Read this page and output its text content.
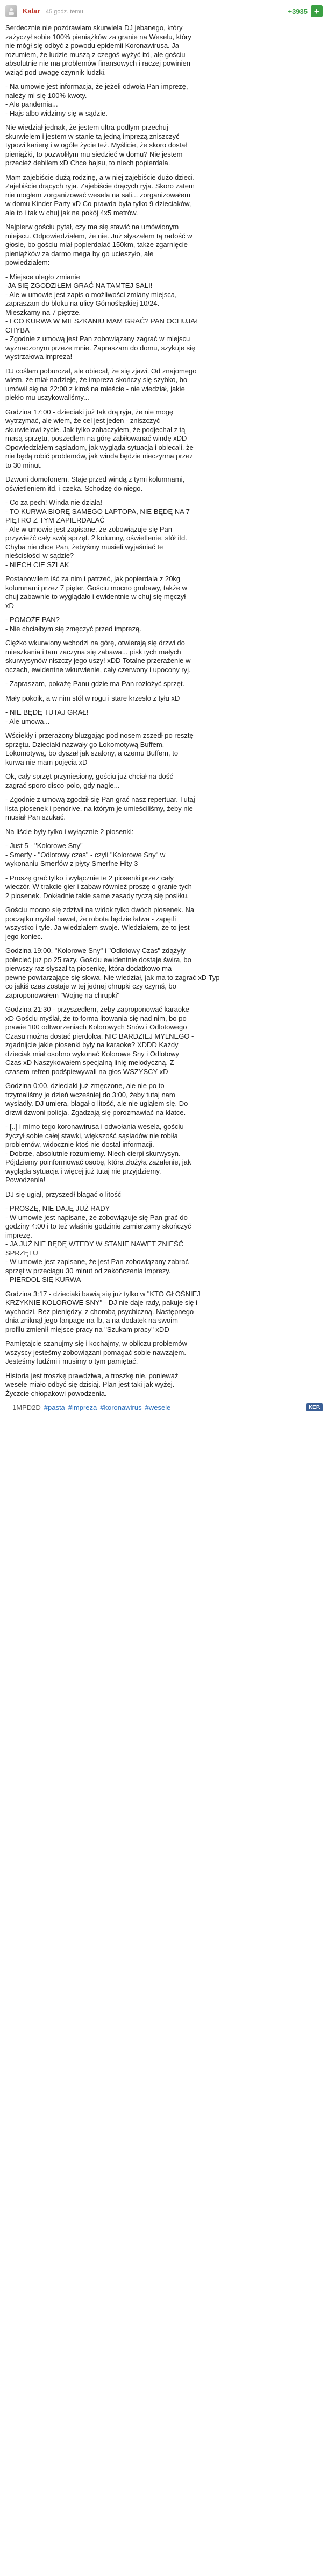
Kalar 45 godz. temu	+3935 +

Serdecznie nie pozdrawiam skurwiela DJ jebanego, który
zażyczył sobie 100% pieniążków za granie na Weselu, który
nie mógł się odbyć z powodu epidemii Koronawirusa. Ja
rozumiem, że ludzie muszą z czegoś wyżyć itd, ale gościu
absolutnie nie ma problemów finansowych i raczej powinien
wziąć pod uwagę czynnik ludzki.

- Na umowie jest informacja, że jeżeli odwoła Pan imprezę,
należy mi się 100% kwoty.
- Ale pandemia...
- Hajs albo widzimy się w sądzie.

Nie wiedział jednak, że jestem ultra-podłym-przechuj-
skurwielem i jestem w stanie tą jedną imprezą zniszczyć
typowi karierę i w ogóle życie też. Myślicie, że skoro dostał
pieniążki, to pozwoliłym mu siedzieć w domu? Nie jestem
przecież debilem xD Chce hajsu, to niech popierdala.

Mam zajebiście dużą rodzinę, a w niej zajebiście dużo dzieci.
Zajebiście drących ryja. Zajebiście drących ryja. Skoro zatem
nie mogłem zorganizować wesela na sali... zorganizowałem
w domu Kinder Party xD Co prawda była tylko 9 dzieciaków,
ale to i tak w chuj jak na pokój 4x5 metrów.

Najpierw gościu pytał, czy ma się stawić na umówionym
miejscu. Odpowiedziałem, że nie. Już słyszałem tą radość w
głosie, bo gościu miał popierdalać 150km, także zgarnięcie
pieniążków za darmo mega by go ucieszyło, ale
powiedziałem:

- Miejsce uległo zmianie
-JA SIĘ ZGODZIŁEM GRAĆ NA TAMTEJ SALI!
- Ale w umowie jest zapis o możliwości zmiany miejsca,
zapraszam do bloku na ulicy Górnośląskiej 10/24.
Mieszkamy na 7 piętrze.
- I CO KURWA W MIESZKANIU MAM GRAĆ? PAN OCHUJAŁ
CHYBA
- Zgodnie z umową jest Pan zobowiązany zagrać w miejscu
wyznaczonym przeze mnie. Zapraszam do domu, szykuje się
wystrzałowa impreza!

DJ coślam poburczał, ale obiecał, że się zjawi. Od znajomego
wiem, że miał nadzieje, że impreza skończy się szybko, bo
umówił się na 22:00 z kimś na mieście - nie wiedział, jakie
piekło mu uszykowaliśmy...

Godzina 17:00 - dzieciaki już tak drą ryja, że nie mogę
wytrzymać, ale wiem, że cel jest jeden - zniszczyć
skurwielowi życie. Jak tylko zobaczyłem, że podjechał z tą
masą sprzętu, poszedłem na górę zabiłowanać windę xDD
Opowiedziałem sąsiadom, jak wygląda sytuacja i obiecali, że
nie będą robić problemów, jak winda będzie nieczynna przez
to 30 minut.

Dzwoni domofonem. Staje przed windą z tymi kolumnami,
oświetleniem itd. i czeka. Schodzę do niego.

- Co za pech! Winda nie działa!
- TO KURWA BIORĘ SAMEGO LAPTOPA, NIE BĘDĘ NA 7
PIĘTRO Z TYM ZAPIERDALAĆ
- Ale w umowie jest zapisane, że zobowiązuje się Pan
przywieźć cały swój sprzęt. 2 kolumny, oświetlenie, stół itd.
Chyba nie chce Pan, żebyśmy musieli wyjaśniać te
nieścisłości w sądzie?
- NIECH CIE SZLAK

Postanowiłem iść za nim i patrzeć, jak popierdala z 20kg
kolumnami przez 7 pięter. Gościu mocno grubawy, także w
chuj zabawnie to wyglądało i ewidentnie w chuj się męczył
xD

- POMOŻE PAN?
- Nie chciałbym się zmęczyć przed imprezą.

Ciężko wkurwiony wchodzi na górę, otwierają się drzwi do
mieszkania i tam zaczyna się zabawa... pisk tych małych
skurwysynów niszczy jego uszy! xDD Totalne przerażenie w
oczach, ewidentne wkurwienie, cały czerwony i upocony ryj.

- Zapraszam, pokażę Panu gdzie ma Pan rozłożyć sprzęt.

Mały pokoik, a w nim stół w rogu i stare krzesło z tyłu xD

- NIE BĘDĘ TUTAJ GRAŁ!
- Ale umowa...

Wściekły i przerażony bluzgając pod nosem zszedł po resztę
sprzętu. Dzieciaki nazwały go Lokomotywą Buffem.
Lokomotywą, bo dyszał jak szalony, a czemu Buffem, to
kurwa nie mam pojęcia xD

Ok, cały sprzęt przyniesiony, gościu już chciał na dość
zagrać sporo disco-polo, gdy nagle...

- Zgodnie z umową zgodził się Pan grać nasz repertuar. Tutaj
lista piosenek i pendrive, na którym je umieściliśmy, żeby nie
musiał Pan szukać.

Na liście były tylko i wyłącznie 2 piosenki:

- Just 5 - "Kolorowe Sny"
- Smerfy - "Odlotowy czas" - czyli "Kolorowe Sny" w
wykonaniu Smerfów z płyty Smerfne Hity 3

- Proszę grać tylko i wyłącznie te 2 piosenki przez cały
wieczór. W trakcie gier i zabaw również proszę o granie tych
2 piosenek. Dokładnie takie same zasady tyczą się posiłku.

Gościu mocno się zdziwił na widok tylko dwóch piosenek. Na
początku myślał nawet, że robota będzie łatwa - zapętli
wszystko i tyle. Ja wiedziałem swoje. Wiedziałem, że to jest
jego koniec.

Godzina 19:00, "Kolorowe Sny" i "Odlotowy Czas" zdążyły
polecieć już po 25 razy. Gościu ewidentnie dostaje świra, bo
pierwszy raz słyszał tą piosenkę, która dodatkowo ma
pewne powtarzające się słowa. Nie wiedział, jak ma to zagrać xD Typ
co jakiś czas zostaje w tej jednej chrupki czy czymś, bo
zaproponowałem "Wojnę na chrupki"

Godzina 21:30 - przyszedłem, żeby zaproponować karaoke
xD Gościu myślał, że to forma litowania się nad nim, bo po
prawie 100 odtworzeniach Kolorowych Snów i Odlotowego
Czasu można dostać pierdolca. NIC BARDZIEJ MYLNEGO -
zgadnijcie jakie piosenki były na karaoke? XDDD Każdy
dzieciak miał osobno wykonać Kolorowe Sny i Odlotowy
Czas xD Naszykowałem specjalną linię melodyczną. Z
czasem refren podśpiewywali na głos WSZYSCY xD

Godzina 0:00, dzieciaki już zmęczone, ale nie po to
trzymaliśmy je dzień wcześniej do 3:00, żeby tutaj nam
wysiadły. DJ umiera, błagał o litość, ale nie ugiąłem się. Do
drzwi dzwoni policja. Zgadzają się porozmawiać na klatce.

- [..] i mimo tego koronawirusa i odwołania wesela, gościu
życzył sobie całej stawki, większość sąsiadów nie robiła
problemów, widocznie ktoś nie dostał informacji.
- Dobrze, absolutnie rozumiemy. Niech cierpi skurwysyn.
Pójdziemy poinformować osobę, która złożyła zażalenie, jak
wygląda sytuacja i więcej już tutaj nie przyjdziemy.
Powodzenia!

DJ się ugiął, przyszedł błagać o litość

- PROSZĘ, NIE DAJĘ JUŻ RADY
- W umowie jest napisane, że zobowiązuje się Pan grać do
godziny 4:00 i to też właśnie godzinie zamierzamy skończyć
imprezę.
- JA JUŻ NIE BĘDĘ WTEDY W STANIE NAWET ZNIEŚĆ
SPRZĘTU
- W umowie jest zapisane, że jest Pan zobowiązany zabrać
sprzęt w przeciągu 30 minut od zakończenia imprezy.
- PIERDOL SIĘ KURWA

Godzina 3:17 - dzieciaki bawią się już tylko w "KTO GŁOŚNIEJ
KRZYKNIE KOLOROWE SNY" - DJ nie daje rady, pakuje się i
wychodzi. Bez pieniędzy, z chorobą psychiczną. Następnego
dnia zniknął jego fanpage na fb, a na dodatek na swoim
profilu zmienił miejsce pracy na "Szukam pracy" xDD

Pamiętajcie szanujmy się i kochajmy, w obliczu problemów
wszyscy jesteśmy zobowiązani pomagać sobie nawzajem.
Jesteśmy ludźmi i musimy o tym pamiętać.

Historia jest troszkę prawdziwa, a troszkę nie, ponieważ
wesele miało odbyć się dzisiaj. Plan jest taki jak wyżej.
Życzcie chłopakowi powodzenia.

—1MPD2D #pasta #impreza #koronawirus #wesele	KEP.
